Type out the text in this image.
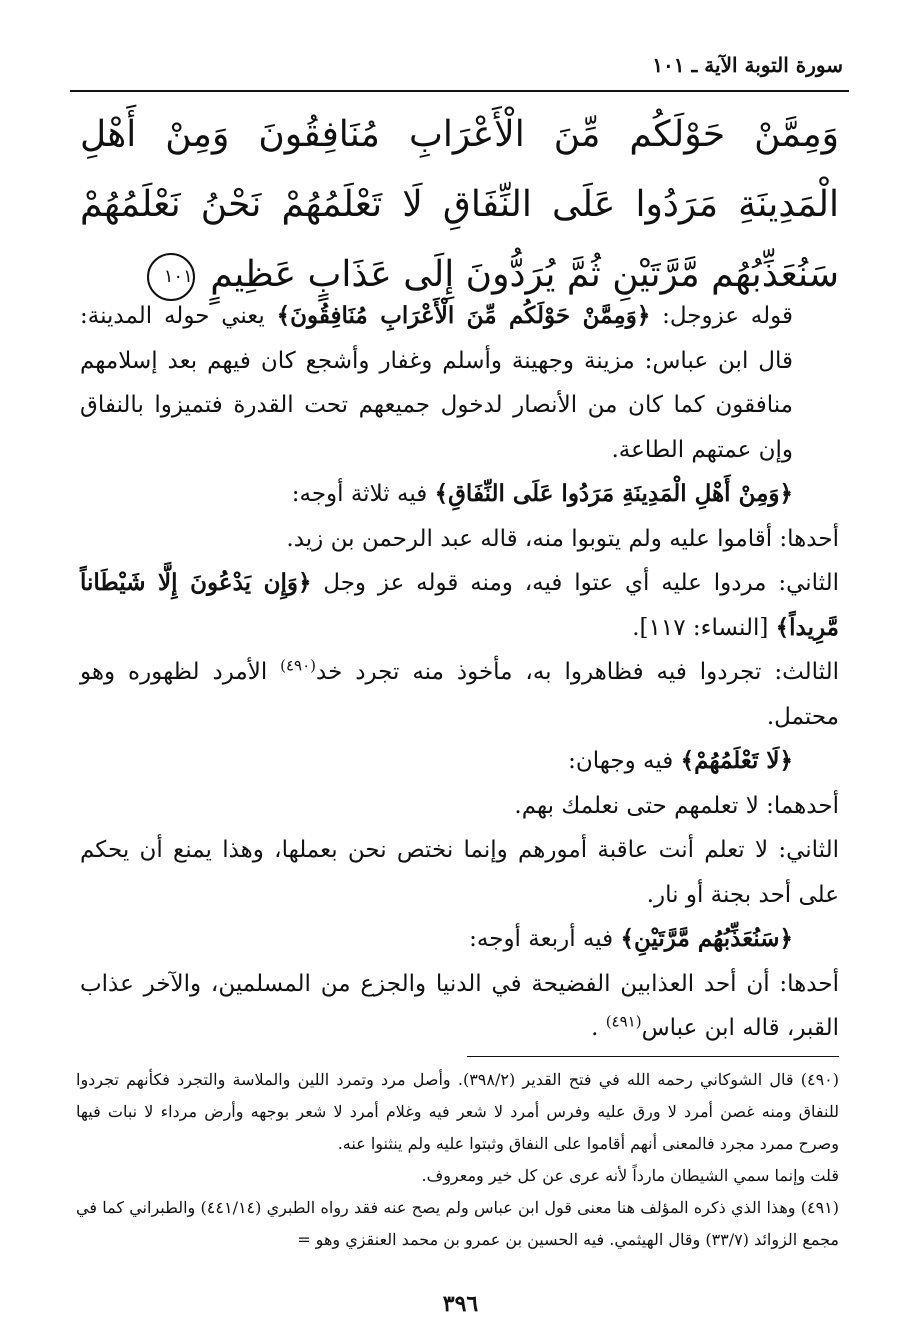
سورة التوبة الآية ـ ١٠١
وَمِمَّنْ حَوْلَكُم مِّنَ الْأَعْرَابِ مُنَافِقُونَ وَمِنْ أَهْلِ الْمَدِينَةِ مَرَدُوا عَلَى النِّفَاقِ لَا تَعْلَمُهُمْ نَحْنُ نَعْلَمُهُمْ سَنُعَذِّبُهُم مَّرَّتَيْنِ ثُمَّ يُرَدُّونَ إِلَى عَذَابٍ عَظِيمٍ ١٠١

قوله عزوجل: ﴿وَمِمَّنْ حَوْلَكُم مِّنَ الْأَعْرَابِ مُنَافِقُونَ﴾ يعني حوله المدينة: قال ابن عباس: مزينة وجهينة وأسلم وغفار وأشجع كان فيهم بعد إسلامهم منافقون كما كان من الأنصار لدخول جميعهم تحت القدرة فتميزوا بالنفاق وإن عمتهم الطاعة.

﴿وَمِنْ أَهْلِ الْمَدِينَةِ مَرَدُوا عَلَى النِّفَاقِ﴾ فيه ثلاثة أوجه:

أحدها: أقاموا عليه ولم يتوبوا منه، قاله عبد الرحمن بن زيد.

الثاني: مردوا عليه أي عتوا فيه، ومنه قوله عز وجل ﴿وَإِن يَدْعُونَ إِلَّا شَيْطَاناً مَّرِيداً﴾ [النساء: ١١٧].

الثالث: تجردوا فيه فظاهروا به، مأخوذ منه تجرد خد$^{(٤٩٠)}$ الأمرد لظهوره وهو محتمل.

﴿لَا تَعْلَمُهُمْ﴾ فيه وجهان:

أحدهما: لا تعلمهم حتى نعلمك بهم.

الثاني: لا تعلم أنت عاقبة أمورهم وإنما نختص نحن بعملها، وهذا يمنع أن يحكم على أحد بجنة أو نار.

﴿سَنُعَذِّبُهُم مَّرَّتَيْنِ﴾ فيه أربعة أوجه:

أحدها: أن أحد العذابين الفضيحة في الدنيا والجزع من المسلمين، والآخر عذاب القبر، قاله ابن عباس$^{(٤٩١)}$ .

(٤٩٠) قال الشوكاني رحمه الله في فتح القدير (٣٩٨/٢). وأصل مرد وتمرد اللين والملاسة والتجرد فكأنهم تجردوا للنفاق ومنه غصن أمرد لا ورق عليه وفرس أمرد لا شعر فيه وغلام أمرد لا شعر بوجهه وأرض مرداء لا نبات فيها وصرح ممرد مجرد فالمعنى أنهم أقاموا على النفاق وثبتوا عليه ولم ينثنوا عنه.

قلت وإنما سمي الشيطان مارداً لأنه عرى عن كل خير ومعروف.

(٤٩١) وهذا الذي ذكره المؤلف هنا معنى قول ابن عباس ولم يصح عنه فقد رواه الطبري (٤٤١/١٤) والطبراني كما في مجمع الزوائد (٣٣/٧) وقال الهيثمي. فيه الحسين بن عمرو بن محمد العنقزي وهو =

٣٩٦
